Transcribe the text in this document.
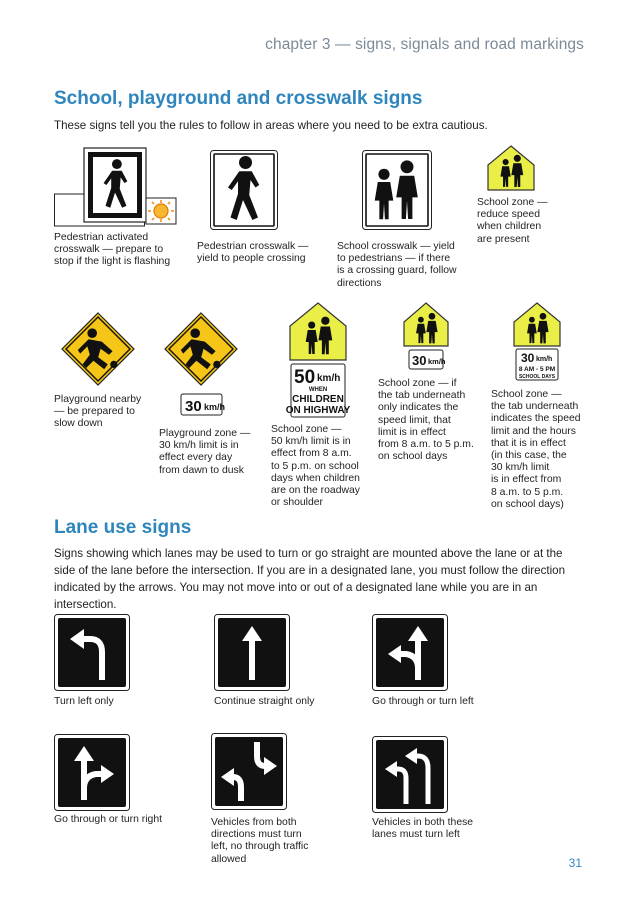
chapter 3 — signs, signals and road markings
School, playground and crosswalk signs
These signs tell you the rules to follow in areas where you need to be extra cautious.
Pedestrian activated
crosswalk — prepare to
stop if the light is flashing
Pedestrian crosswalk —
yield to people crossing
School crosswalk — yield
to pedestrians — if there
is a crossing guard, follow
directions
School zone —
reduce speed
when children
are present
Playground nearby
— be prepared to
slow down
30 km/h
Playground zone —
30 km/h limit is in
effect every day
from dawn to dusk
50 km/h
WHEN
CHILDREN
ON HIGHWAY
School zone —
50 km/h limit is in
effect from 8 a.m.
to 5 p.m. on school
days when children
are on the roadway
or shoulder
30 km/h
School zone — if
the tab underneath
only indicates the
speed limit, that
limit is in effect
from 8 a.m. to 5 p.m.
on school days
30 km/h
8 AM - 5 PM
SCHOOL DAYS
School zone —
the tab underneath
indicates the speed
limit and the hours
that it is in effect
(in this case, the
30 km/h limit
is in effect from
8 a.m. to 5 p.m.
on school days)
Lane use signs
Signs showing which lanes may be used to turn or go straight are mounted above the lane or at the side of the lane before the intersection. If you are in a designated lane, you must follow the direction indicated by the arrows. You may not move into or out of a designated lane while you are in an intersection.
Turn left only	Continue straight only	Go through or turn left
Go through or turn right	Vehicles from both
directions must turn
left, no through traffic
allowed
Vehicles in both these
lanes must turn left
31
